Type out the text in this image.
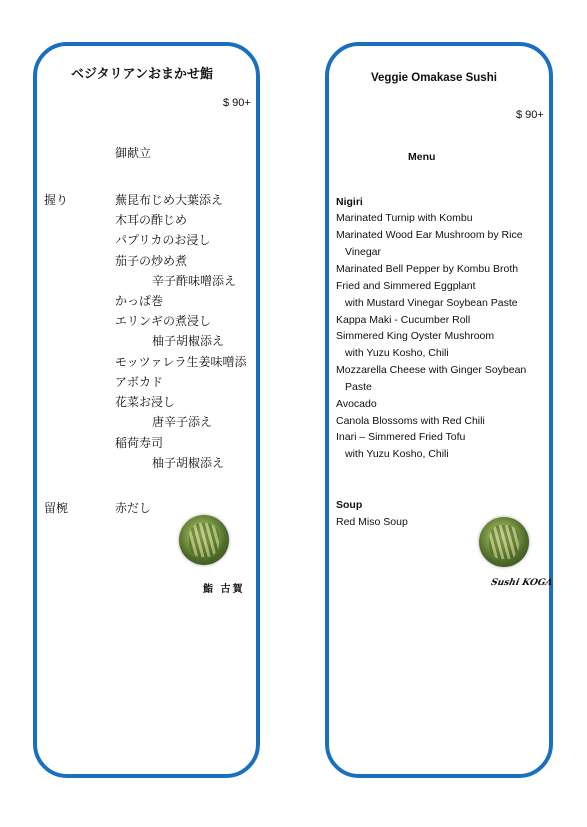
ベジタリアンおまかせ鮨
$ 90+
御献立
握り	蕪昆布じめ大葉添え
木耳の酢じめ
パプリカのお浸し
茄子の炒め煮
辛子酢味噌添え
かっぱ巻
エリンギの煮浸し
柚子胡椒添え
モッツァレラ生姜味噌添
アボカド
花菜お浸し
唐辛子添え
稲荷寿司
柚子胡椒添え
留椀	赤だし
鮨 古賀
Veggie Omakase Sushi
$ 90+
Menu
Nigiri
Marinated Turnip with Kombu
Marinated Wood Ear Mushroom by Rice
Vinegar
Marinated Bell Pepper by Kombu Broth
Fried and Simmered Eggplant
with Mustard Vinegar Soybean Paste
Kappa Maki - Cucumber Roll
Simmered King Oyster Mushroom
with Yuzu Kosho, Chili
Mozzarella Cheese with Ginger Soybean
Paste
Avocado
Canola Blossoms with Red Chili
Inari – Simmered Fried Tofu
with Yuzu Kosho, Chili
Soup
Red Miso Soup
Sushi KOGA
